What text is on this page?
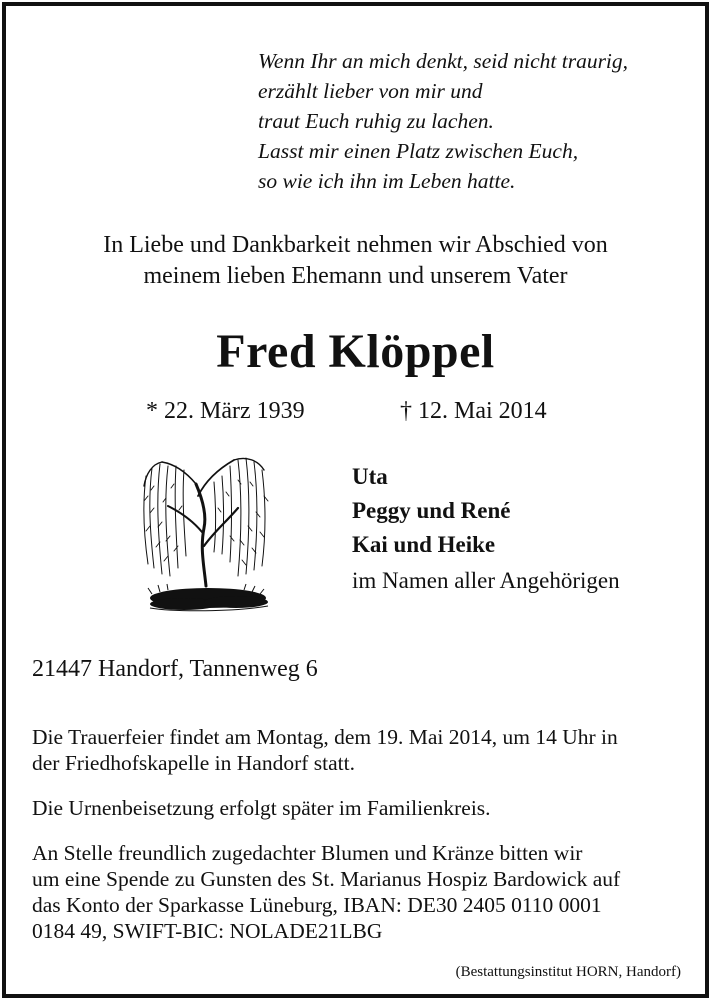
Wenn Ihr an mich denkt, seid nicht traurig,
erzählt lieber von mir und
traut Euch ruhig zu lachen.
Lasst mir einen Platz zwischen Euch,
so wie ich ihn im Leben hatte.
In Liebe und Dankbarkeit nehmen wir Abschied von
meinem lieben Ehemann und unserem Vater
Fred Klöppel
* 22. März 1939	† 12. Mai 2014
Uta
Peggy und René
Kai und Heike
im Namen aller Angehörigen
21447 Handorf, Tannenweg 6
Die Trauerfeier findet am Montag, dem 19. Mai 2014, um 14 Uhr in
der Friedhofskapelle in Handorf statt.
Die Urnenbeisetzung erfolgt später im Familienkreis.
An Stelle freundlich zugedachter Blumen und Kränze bitten wir
um eine Spende zu Gunsten des St. Marianus Hospiz Bardowick auf
das Konto der Sparkasse Lüneburg, IBAN: DE30 2405 0110 0001
0184 49, SWIFT-BIC: NOLADE21LBG
(Bestattungsinstitut HORN, Handorf)
